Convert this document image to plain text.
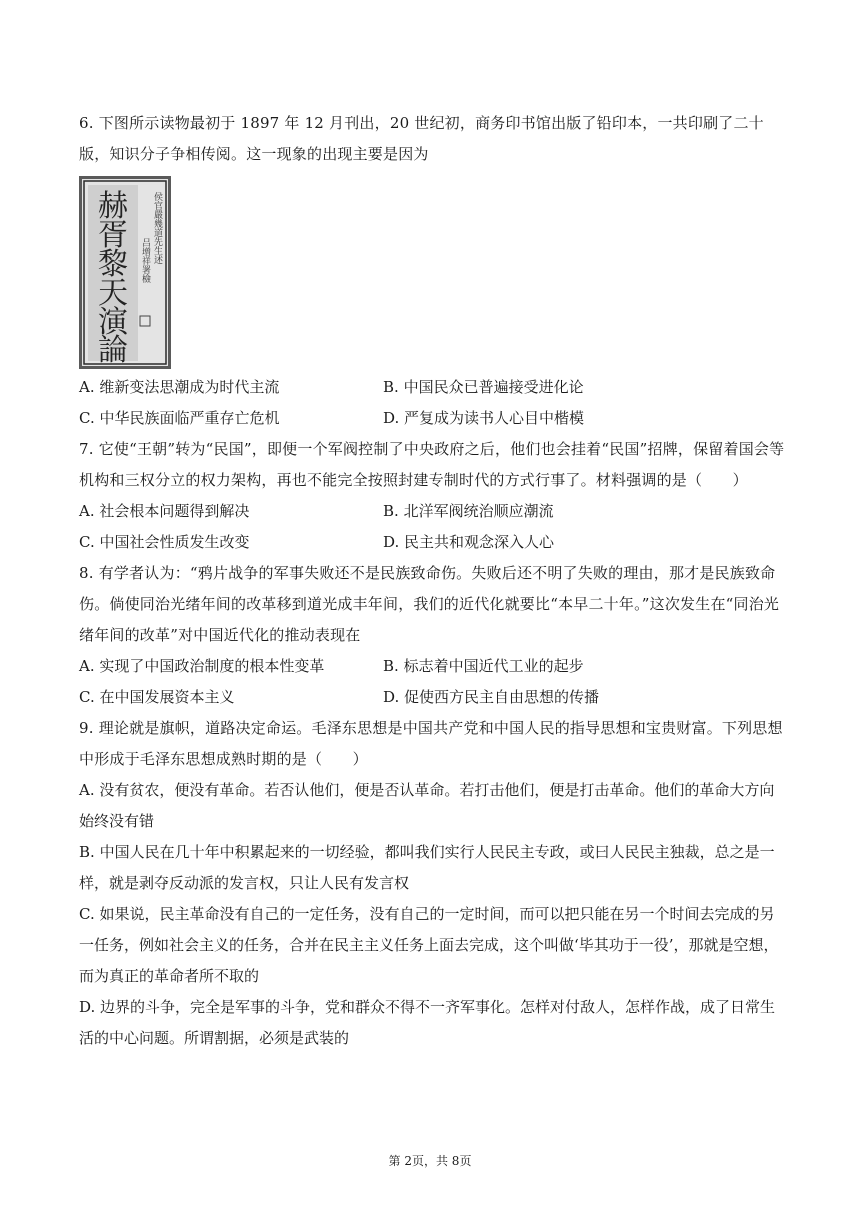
6. 下图所示读物最初于 1897 年 12 月刊出，20 世纪初，商务印书馆出版了铅印本，一共印刷了二十版，知识分子争相传阅。这一现象的出现主要是因为

赫
胥
黎
天
演
論
侯官嚴幾道先生述
吕增祥署檢
A. 维新变法思潮成为时代主流	B. 中国民众已普遍接受进化论
C. 中华民族面临严重存亡危机	D. 严复成为读书人心目中楷模

7. 它使“王朝”转为“民国”，即便一个军阀控制了中央政府之后，他们也会挂着“民国”招牌，保留着国会等机构和三权分立的权力架构，再也不能完全按照封建专制时代的方式行事了。材料强调的是（　　）

A. 社会根本问题得到解决	B. 北洋军阀统治顺应潮流
C. 中国社会性质发生改变	D. 民主共和观念深入人心

8. 有学者认为：“鸦片战争的军事失败还不是民族致命伤。失败后还不明了失败的理由，那才是民族致命伤。倘使同治光绪年间的改革移到道光成丰年间，我们的近代化就要比“本早二十年。”这次发生在“同治光绪年间的改革”对中国近代化的推动表现在

A. 实现了中国政治制度的根本性变革	B. 标志着中国近代工业的起步
C. 在中国发展资本主义	D. 促使西方民主自由思想的传播

9. 理论就是旗帜，道路决定命运。毛泽东思想是中国共产党和中国人民的指导思想和宝贵财富。下列思想中形成于毛泽东思想成熟时期的是（　　）

A. 没有贫农，便没有革命。若否认他们，便是否认革命。若打击他们，便是打击革命。他们的革命大方向始终没有错
B. 中国人民在几十年中积累起来的一切经验，都叫我们实行人民民主专政，或曰人民民主独裁，总之是一样，就是剥夺反动派的发言权，只让人民有发言权
C. 如果说，民主革命没有自己的一定任务，没有自己的一定时间，而可以把只能在另一个时间去完成的另一任务，例如社会主义的任务，合并在民主主义任务上面去完成，这个叫做‘毕其功于一役’，那就是空想，而为真正的革命者所不取的
D. 边界的斗争，完全是军事的斗争，党和群众不得不一齐军事化。怎样对付敌人，怎样作战，成了日常生活的中心问题。所谓割据，必须是武装的
第 2页，共 8页
